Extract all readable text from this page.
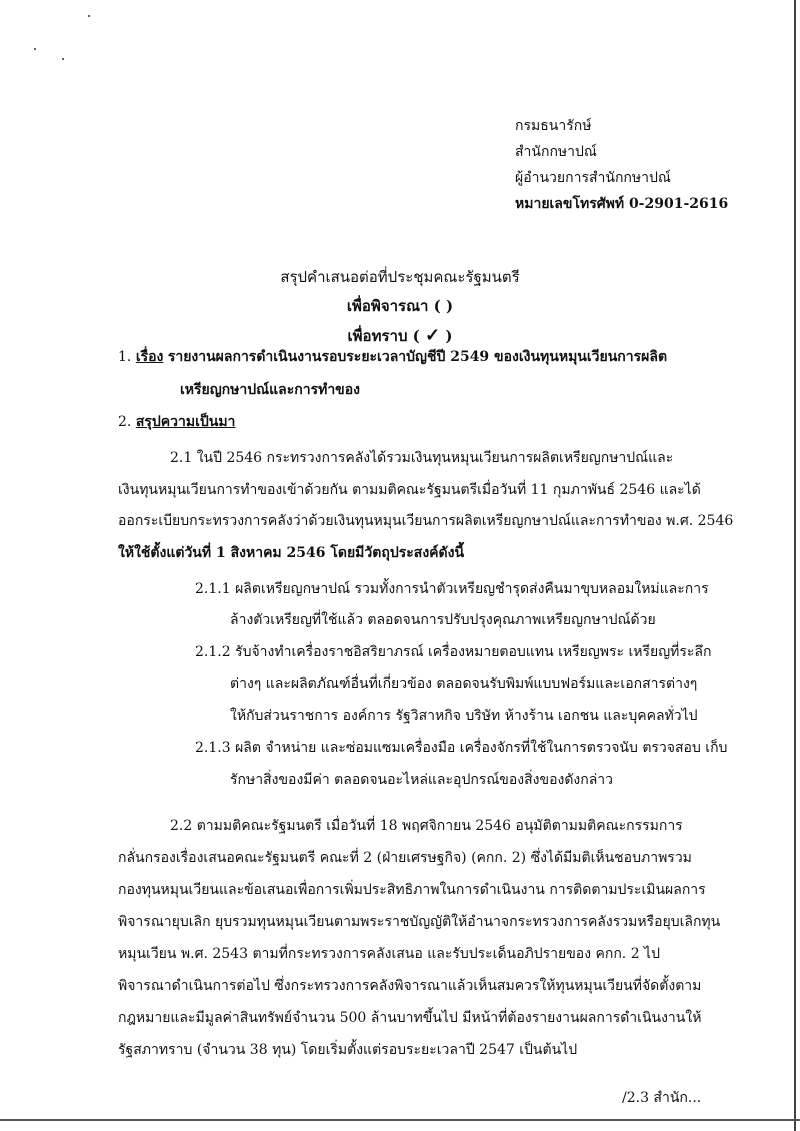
กรมธนารักษ์
สำนักกษาปณ์
ผู้อำนวยการสำนักกษาปณ์
หมายเลขโทรศัพท์ 0-2901-2616
สรุปคำเสนอต่อที่ประชุมคณะรัฐมนตรี
เพื่อพิจารณา ( )
เพื่อทราบ ( ✓ )
1. เรื่อง รายงานผลการดำเนินงานรอบระยะเวลาบัญชีปี 2549 ของเงินทุนหมุนเวียนการผลิต
เหรียญกษาปณ์และการทำของ
2. สรุปความเป็นมา
2.1 ในปี 2546 กระทรวงการคลังได้รวมเงินทุนหมุนเวียนการผลิตเหรียญกษาปณ์และ
เงินทุนหมุนเวียนการทำของเข้าด้วยกัน ตามมติคณะรัฐมนตรีเมื่อวันที่ 11 กุมภาพันธ์ 2546 และได้
ออกระเบียบกระทรวงการคลังว่าด้วยเงินทุนหมุนเวียนการผลิตเหรียญกษาปณ์และการทำของ พ.ศ. 2546
ให้ใช้ตั้งแต่วันที่ 1 สิงหาคม 2546 โดยมีวัตถุประสงค์ดังนี้
2.1.1 ผลิตเหรียญกษาปณ์ รวมทั้งการนำตัวเหรียญชำรุดส่งคืนมาขุบหลอมใหม่และการ
ล้างตัวเหรียญที่ใช้แล้ว ตลอดจนการปรับปรุงคุณภาพเหรียญกษาปณ์ด้วย
2.1.2 รับจ้างทำเครื่องราชอิสริยาภรณ์ เครื่องหมายตอบแทน เหรียญพระ เหรียญที่ระลึก
ต่างๆ และผลิตภัณฑ์อื่นที่เกี่ยวข้อง ตลอดจนรับพิมพ์แบบฟอร์มและเอกสารต่างๆ
ให้กับส่วนราชการ องค์การ รัฐวิสาหกิจ บริษัท ห้างร้าน เอกชน และบุคคลทั่วไป
2.1.3 ผลิต จำหน่าย และซ่อมแซมเครื่องมือ เครื่องจักรที่ใช้ในการตรวจนับ ตรวจสอบ เก็บ
รักษาสิ่งของมีค่า ตลอดจนอะไหล่และอุปกรณ์ของสิ่งของดังกล่าว
2.2 ตามมติคณะรัฐมนตรี เมื่อวันที่ 18 พฤศจิกายน 2546 อนุมัติตามมติคณะกรรมการ
กลั่นกรองเรื่องเสนอคณะรัฐมนตรี คณะที่ 2 (ฝ่ายเศรษฐกิจ) (คกก. 2) ซึ่งได้มีมติเห็นชอบภาพรวม
กองทุนหมุนเวียนและข้อเสนอเพื่อการเพิ่มประสิทธิภาพในการดำเนินงาน การติดตามประเมินผลการ
พิจารณายุบเลิก ยุบรวมทุนหมุนเวียนตามพระราชบัญญัติให้อำนาจกระทรวงการคลังรวมหรือยุบเลิกทุน
หมุนเวียน พ.ศ. 2543 ตามที่กระทรวงการคลังเสนอ และรับประเด็นอภิปรายของ คกก. 2 ไป
พิจารณาดำเนินการต่อไป ซึ่งกระทรวงการคลังพิจารณาแล้วเห็นสมควรให้ทุนหมุนเวียนที่จัดตั้งตาม
กฎหมายและมีมูลค่าสินทรัพย์จำนวน 500 ล้านบาทขึ้นไป มีหน้าที่ต้องรายงานผลการดำเนินงานให้
รัฐสภาทราบ (จำนวน 38 ทุน) โดยเริ่มตั้งแต่รอบระยะเวลาปี 2547 เป็นต้นไป
/2.3 สำนัก...
